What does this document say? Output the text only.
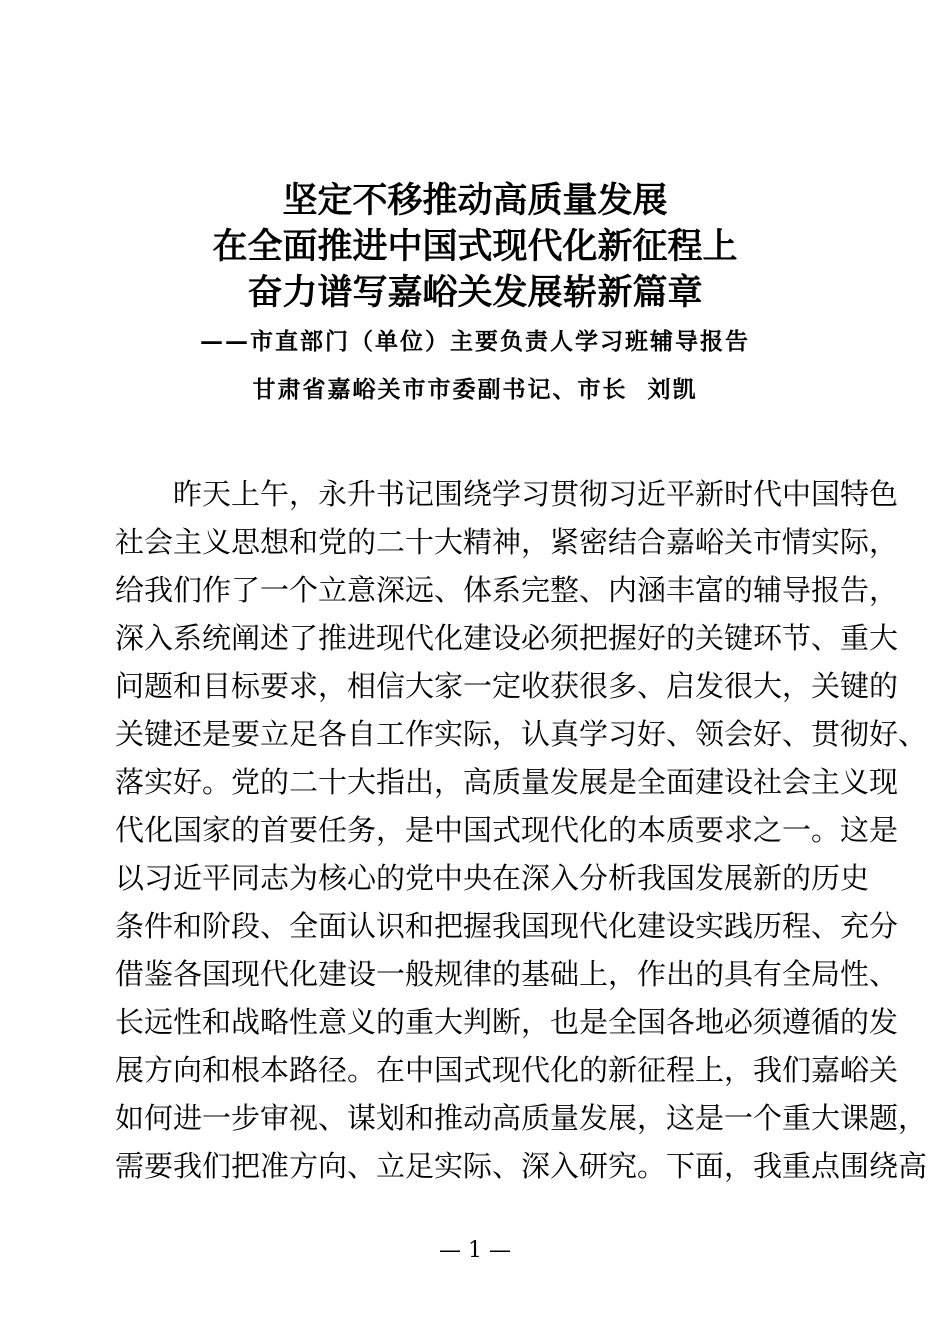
坚定不移推动高质量发展
在全面推进中国式现代化新征程上
奋力谱写嘉峪关发展崭新篇章
——市直部门（单位）主要负责人学习班辅导报告
甘肃省嘉峪关市市委副书记、市长  刘凯
昨天上午，永升书记围绕学习贯彻习近平新时代中国特色
社会主义思想和党的二十大精神，紧密结合嘉峪关市情实际，
给我们作了一个立意深远、体系完整、内涵丰富的辅导报告，
深入系统阐述了推进现代化建设必须把握好的关键环节、重大
问题和目标要求，相信大家一定收获很多、启发很大，关键的
关键还是要立足各自工作实际，认真学习好、领会好、贯彻好、
落实好。党的二十大指出，高质量发展是全面建设社会主义现
代化国家的首要任务，是中国式现代化的本质要求之一。这是
以习近平同志为核心的党中央在深入分析我国发展新的历史
条件和阶段、全面认识和把握我国现代化建设实践历程、充分
借鉴各国现代化建设一般规律的基础上，作出的具有全局性、
长远性和战略性意义的重大判断，也是全国各地必须遵循的发
展方向和根本路径。在中国式现代化的新征程上，我们嘉峪关
如何进一步审视、谋划和推动高质量发展，这是一个重大课题，
需要我们把准方向、立足实际、深入研究。下面，我重点围绕高
— 1 —
